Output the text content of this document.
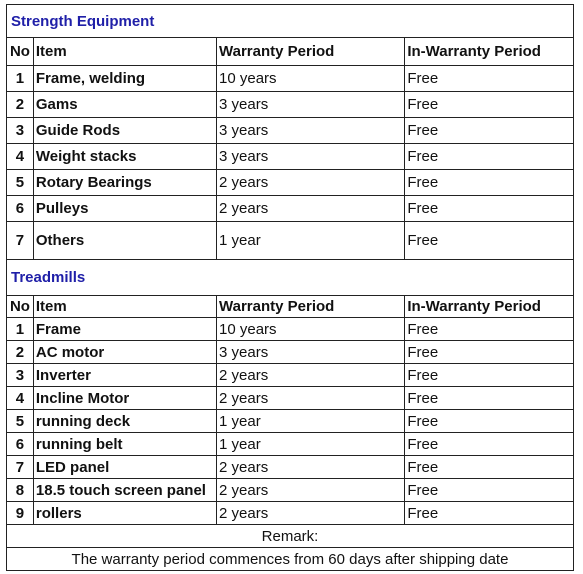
Strength Equipment			
No	Item	Warranty Period	In-Warranty Period
1	Frame, welding	10 years	Free
2	Gams	3 years	Free
3	Guide Rods	3 years	Free
4	Weight stacks	3 years	Free
5	Rotary Bearings	2 years	Free
6	Pulleys	2 years	Free
7	Others	1 year	Free
Treadmills			
No	Item	Warranty Period	In-Warranty Period
1	Frame	10 years	Free
2	AC motor	3 years	Free
3	Inverter	2 years	Free
4	Incline Motor	2 years	Free
5	running deck	1 year	Free
6	running belt	1 year	Free
7	LED panel	2 years	Free
8	18.5 touch screen panel	2 years	Free
9	rollers	2 years	Free
Remark:			
The warranty period commences from 60 days after shipping date			
